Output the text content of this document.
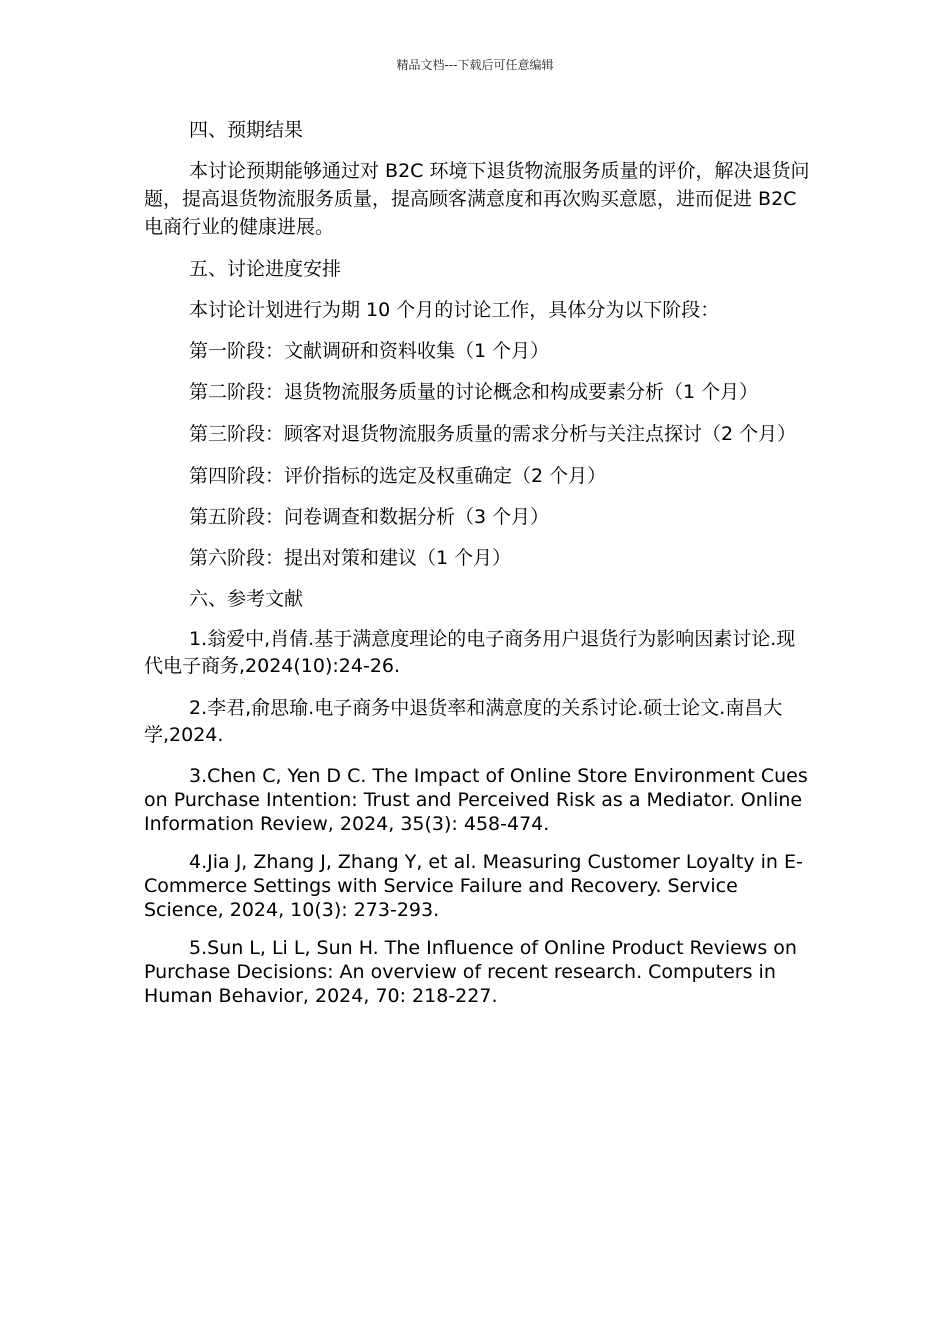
精品文档---下载后可任意编辑

四、预期结果

本讨论预期能够通过对 B2C 环境下退货物流服务质量的评价，解决退货问题，提高退货物流服务质量，提高顾客满意度和再次购买意愿，进而促进 B2C 电商行业的健康进展。

五、讨论进度安排

本讨论计划进行为期 10 个月的讨论工作，具体分为以下阶段：

第一阶段：文献调研和资料收集（1 个月）

第二阶段：退货物流服务质量的讨论概念和构成要素分析（1 个月）

第三阶段：顾客对退货物流服务质量的需求分析与关注点探讨（2 个月）

第四阶段：评价指标的选定及权重确定（2 个月）

第五阶段：问卷调查和数据分析（3 个月）

第六阶段：提出对策和建议（1 个月）

六、参考文献

1.翁爱中,肖倩.基于满意度理论的电子商务用户退货行为影响因素讨论.现代电子商务,2024(10):24-26.

2.李君,俞思瑜.电子商务中退货率和满意度的关系讨论.硕士论文.南昌大学,2024.

3.Chen C, Yen D C. The Impact of Online Store Environment Cues on Purchase Intention: Trust and Perceived Risk as a Mediator. Online Information Review, 2024, 35(3): 458-474.

4.Jia J, Zhang J, Zhang Y, et al. Measuring Customer Loyalty in E-Commerce Settings with Service Failure and Recovery. Service Science, 2024, 10(3): 273-293.

5.Sun L, Li L, Sun H. The Influence of Online Product Reviews on Purchase Decisions: An overview of recent research. Computers in Human Behavior, 2024, 70: 218-227.
